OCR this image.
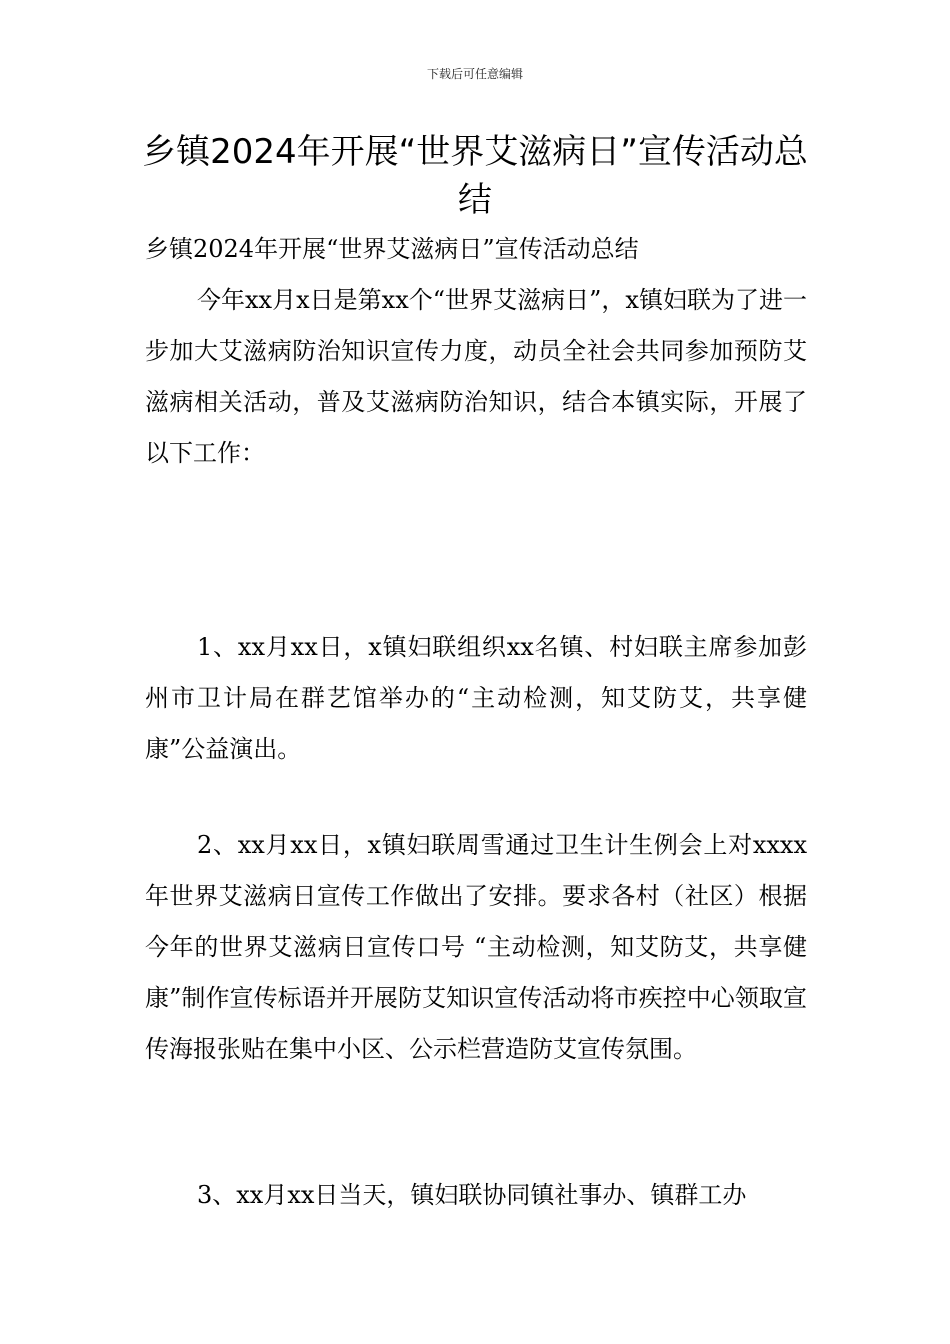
下载后可任意编辑
乡镇2024年开展“世界艾滋病日”宣传活动总结

乡镇2024年开展“世界艾滋病日”宣传活动总结

今年xx月x日是第xx个“世界艾滋病日”，x镇妇联为了进一步加大艾滋病防治知识宣传力度，动员全社会共同参加预防艾滋病相关活动，普及艾滋病防治知识，结合本镇实际，开展了以下工作：

1、xx月xx日，x镇妇联组织xx名镇、村妇联主席参加彭州市卫计局在群艺馆举办的“主动检测，知艾防艾，共享健康”公益演出。

2、xx月xx日，x镇妇联周雪通过卫生计生例会上对xxxx年世界艾滋病日宣传工作做出了安排。要求各村（社区）根据今年的世界艾滋病日宣传口号 “主动检测，知艾防艾，共享健康”制作宣传标语并开展防艾知识宣传活动将市疾控中心领取宣传海报张贴在集中小区、公示栏营造防艾宣传氛围。

3、xx月xx日当天，镇妇联协同镇社事办、镇群工办
